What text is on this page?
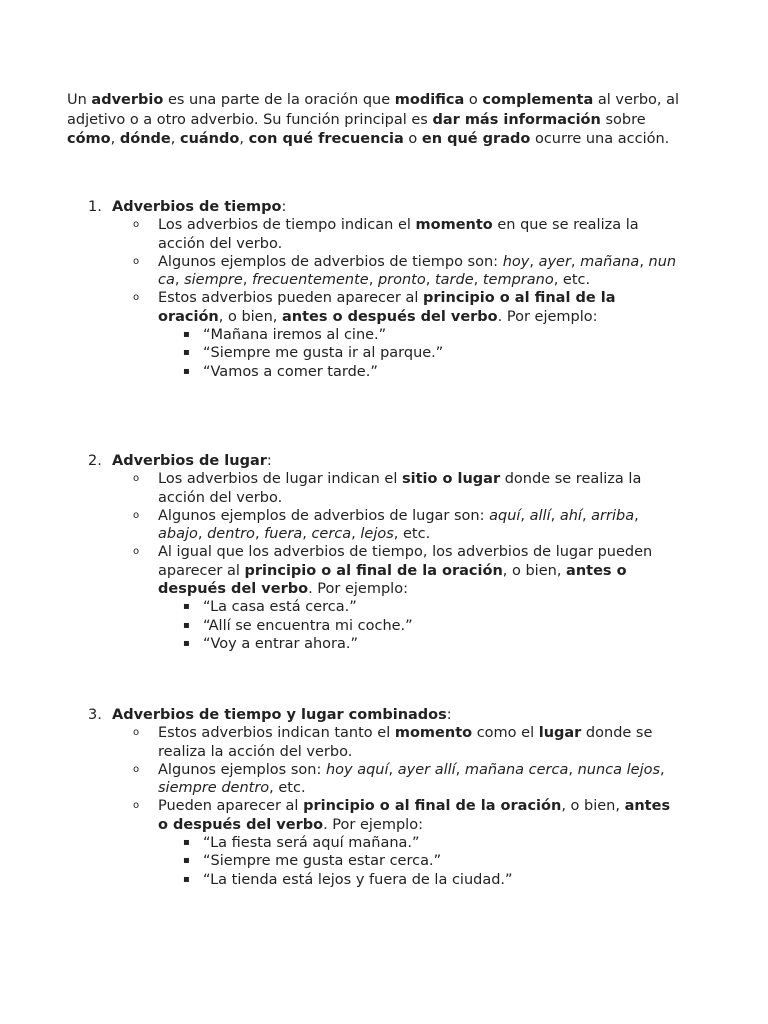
Un adverbio es una parte de la oración que modifica o complementa al verbo, al adjetivo o a otro adverbio. Su función principal es dar más información sobre cómo, dónde, cuándo, con qué frecuencia o en qué grado ocurre una acción.

1. Adverbios de tiempo:
o Los adverbios de tiempo indican el momento en que se realiza la acción del verbo.
o Algunos ejemplos de adverbios de tiempo son: hoy, ayer, mañana, nunca, siempre, frecuentemente, pronto, tarde, temprano, etc.
o Estos adverbios pueden aparecer al principio o al final de la oración, o bien, antes o después del verbo. Por ejemplo:
▪ “Mañana iremos al cine.”
▪ “Siempre me gusta ir al parque.”
▪ “Vamos a comer tarde.”
2. Adverbios de lugar:
o Los adverbios de lugar indican el sitio o lugar donde se realiza la acción del verbo.
o Algunos ejemplos de adverbios de lugar son: aquí, allí, ahí, arriba, abajo, dentro, fuera, cerca, lejos, etc.
o Al igual que los adverbios de tiempo, los adverbios de lugar pueden aparecer al principio o al final de la oración, o bien, antes o después del verbo. Por ejemplo:
▪ “La casa está cerca.”
▪ “Allí se encuentra mi coche.”
▪ “Voy a entrar ahora.”
3. Adverbios de tiempo y lugar combinados:
o Estos adverbios indican tanto el momento como el lugar donde se realiza la acción del verbo.
o Algunos ejemplos son: hoy aquí, ayer allí, mañana cerca, nunca lejos, siempre dentro, etc.
o Pueden aparecer al principio o al final de la oración, o bien, antes o después del verbo. Por ejemplo:
▪ “La fiesta será aquí mañana.”
▪ “Siempre me gusta estar cerca.”
▪ “La tienda está lejos y fuera de la ciudad.”
